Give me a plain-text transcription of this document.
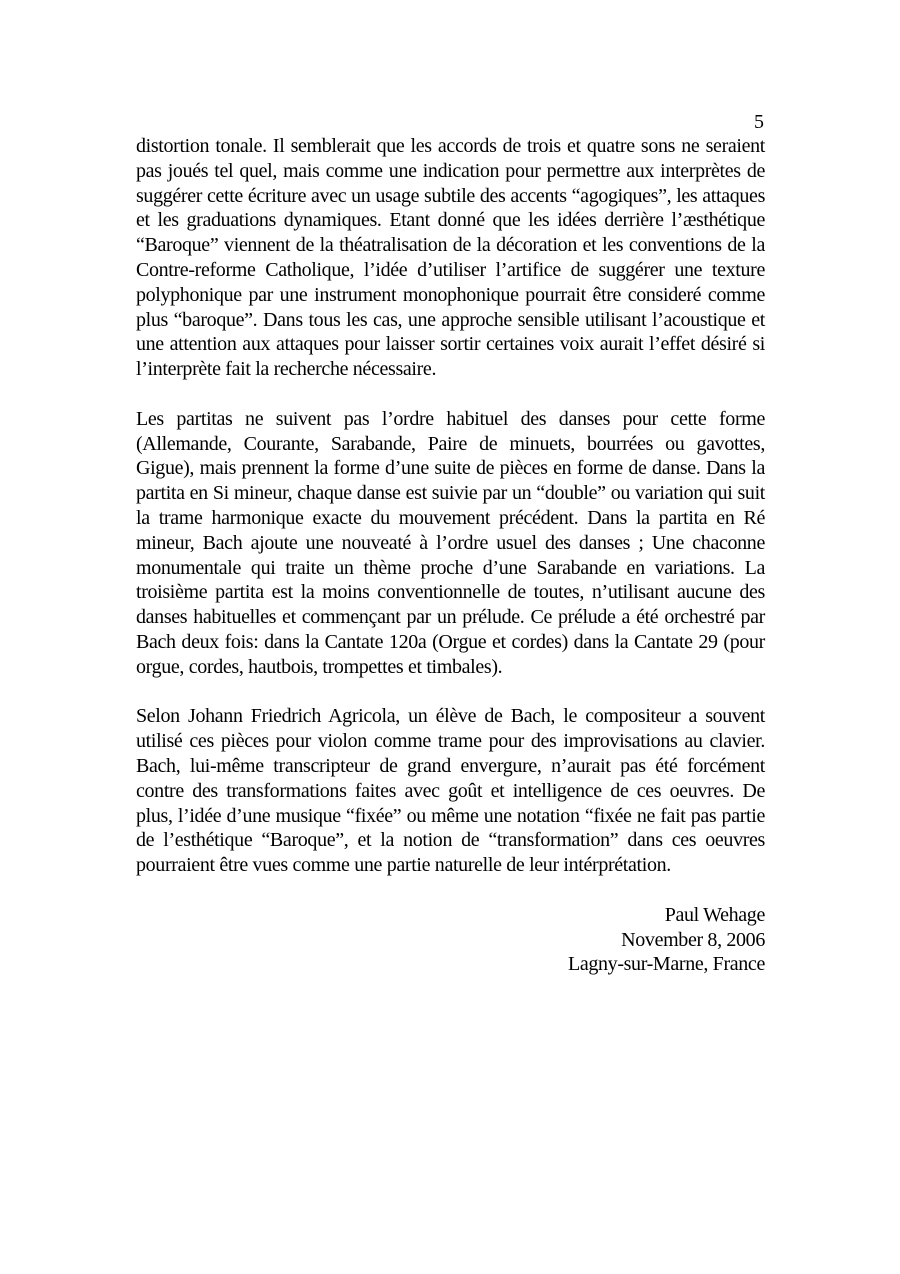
5

distortion tonale. Il semblerait que les accords de trois et quatre sons ne seraient pas joués tel quel, mais comme une indication pour permettre aux interprètes de suggérer cette écriture avec un usage subtile des accents “agogiques”, les attaques et les graduations dynamiques. Etant donné que les idées derrière l’æsthétique “Baroque” viennent de la théatralisation de la décoration et les conventions de la Contre-reforme Catholique, l’idée d’utiliser l’artifice de suggérer une texture polyphonique par une instrument monophonique pourrait être consideré comme plus “baroque”. Dans tous les cas, une approche sensible utilisant l’acoustique et une attention aux attaques pour laisser sortir certaines voix aurait l’effet désiré si l’interprète fait la recherche nécessaire.

Les partitas ne suivent pas l’ordre habituel des danses pour cette forme (Allemande, Courante, Sarabande, Paire de minuets, bourrées ou gavottes, Gigue), mais prennent la forme d’une suite de pièces en forme de danse. Dans la partita en Si mineur, chaque danse est suivie par un “double” ou variation qui suit la trame harmonique exacte du mouvement précédent. Dans la partita en Ré mineur, Bach ajoute une nouveaté à l’ordre usuel des danses ; Une chaconne monumentale qui traite un thème proche d’une Sarabande en variations. La troisième partita est la moins conventionnelle de toutes, n’utilisant aucune des danses habituelles et commençant par un prélude. Ce prélude a été orchestré par Bach deux fois: dans la Cantate 120a (Orgue et cordes) dans la Cantate 29 (pour orgue, cordes, hautbois, trompettes et timbales).

Selon Johann Friedrich Agricola, un élève de Bach, le compositeur a souvent utilisé ces pièces pour violon comme trame pour des improvisations au clavier. Bach, lui-même transcripteur de grand envergure, n’aurait pas été forcément contre des transformations faites avec goût et intelligence de ces oeuvres. De plus, l’idée d’une musique “fixée” ou même une notation “fixée ne fait pas partie de l’esthétique “Baroque”, et la notion de “transformation” dans ces oeuvres pourraient être vues comme une partie naturelle de leur intérprétation.

Paul Wehage
November 8, 2006
Lagny-sur-Marne, France
